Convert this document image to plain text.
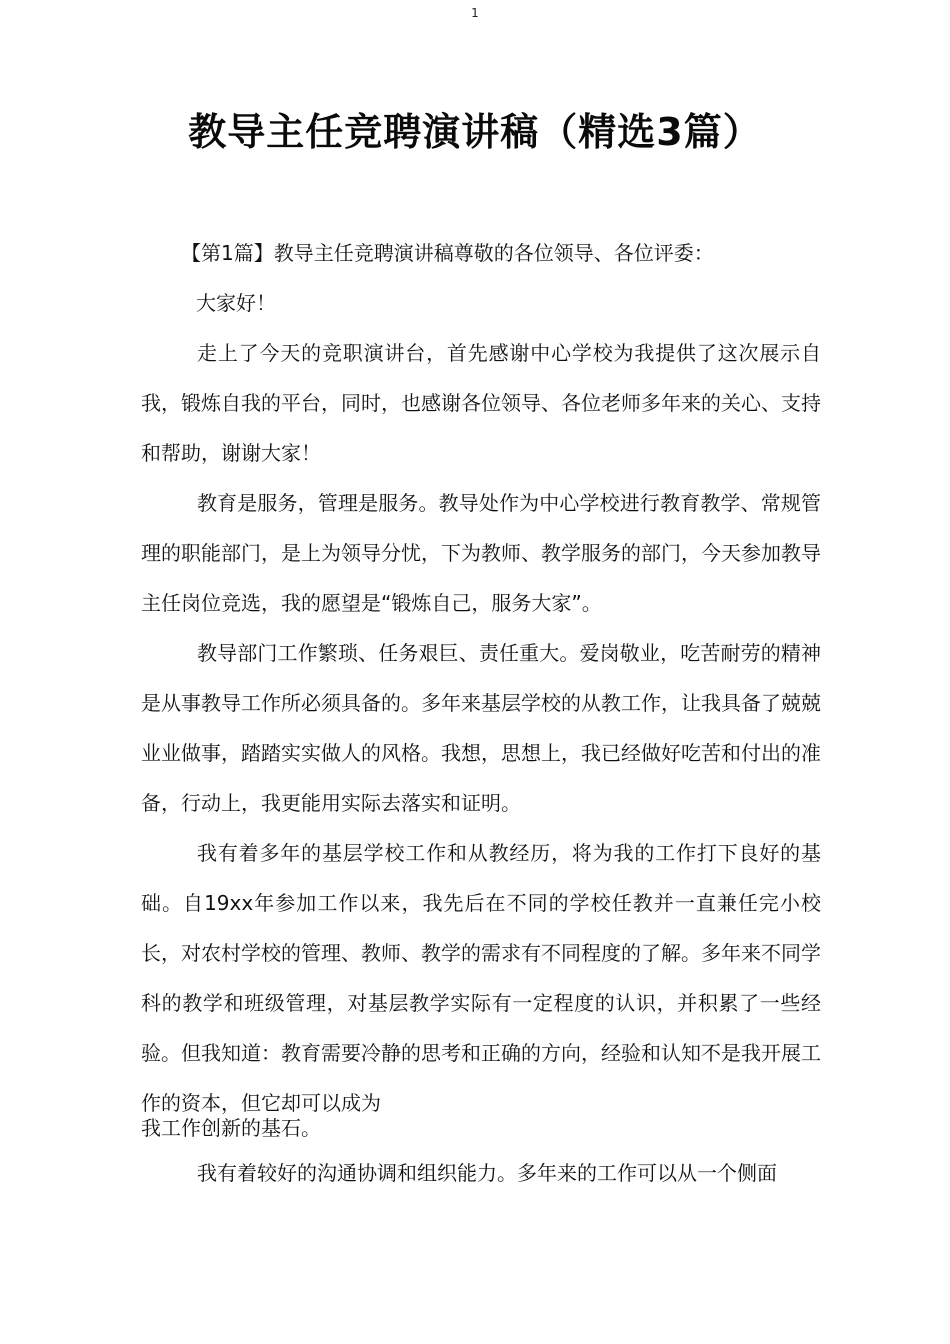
1
教导主任竞聘演讲稿（精选3篇）

【第1篇】教导主任竞聘演讲稿尊敬的各位领导、各位评委：

大家好！

走上了今天的竞职演讲台，首先感谢中心学校为我提供了这次展示自我，锻炼自我的平台，同时，也感谢各位领导、各位老师多年来的关心、支持和帮助，谢谢大家！

教育是服务，管理是服务。教导处作为中心学校进行教育教学、常规管理的职能部门，是上为领导分忧，下为教师、教学服务的部门，今天参加教导主任岗位竞选，我的愿望是“锻炼自己，服务大家”。

教导部门工作繁琐、任务艰巨、责任重大。爱岗敬业，吃苦耐劳的精神是从事教导工作所必须具备的。多年来基层学校的从教工作，让我具备了兢兢业业做事，踏踏实实做人的风格。我想，思想上，我已经做好吃苦和付出的准备，行动上，我更能用实际去落实和证明。

我有着多年的基层学校工作和从教经历，将为我的工作打下良好的基础。自19xx年参加工作以来，我先后在不同的学校任教并一直兼任完小校长，对农村学校的管理、教师、教学的需求有不同程度的了解。多年来不同学科的教学和班级管理，对基层教学实际有一定程度的认识，并积累了一些经验。但我知道：教育需要冷静的思考和正确的方向，经验和认知不是我开展工作的资本，但它却可以成为

我工作创新的基石。

我有着较好的沟通协调和组织能力。多年来的工作可以从一个侧面
